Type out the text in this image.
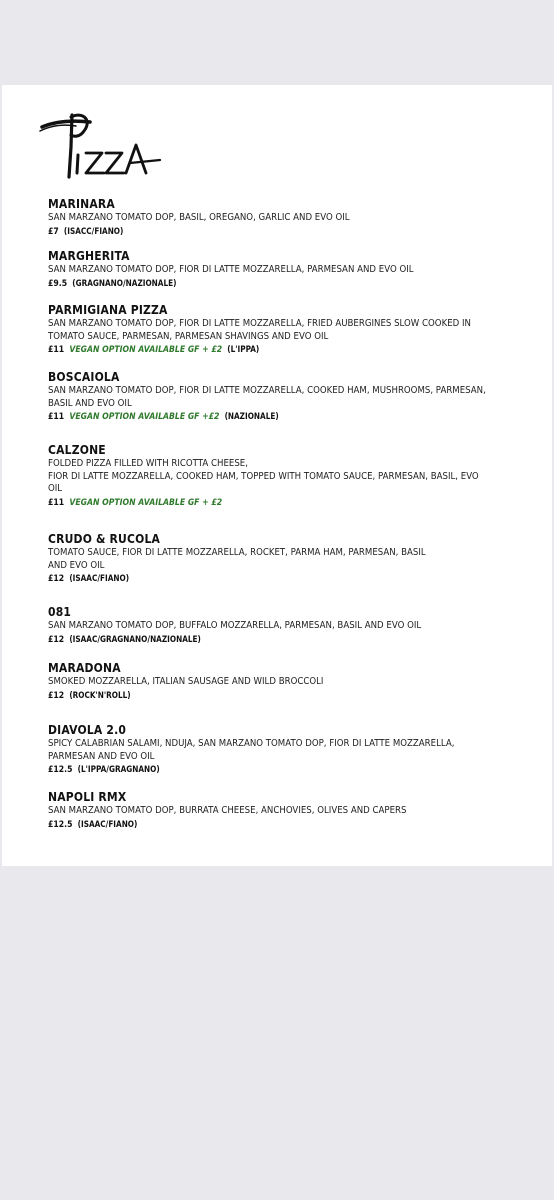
MARINARA
SAN MARZANO TOMATO DOP, BASIL, OREGANO, GARLIC AND EVO OIL
£7 (ISACC/FIANO)
MARGHERITA
SAN MARZANO TOMATO DOP, FIOR DI LATTE MOZZARELLA, PARMESAN AND EVO OIL
£9.5 (GRAGNANO/NAZIONALE)
PARMIGIANA PIZZA
SAN MARZANO TOMATO DOP, FIOR DI LATTE MOZZARELLA, FRIED AUBERGINES SLOW COOKED IN
TOMATO SAUCE, PARMESAN, PARMESAN SHAVINGS AND EVO OIL
£11 VEGAN OPTION AVAILABLE GF + £2 (L'IPPA)
BOSCAIOLA
SAN MARZANO TOMATO DOP, FIOR DI LATTE MOZZARELLA, COOKED HAM, MUSHROOMS, PARMESAN,
BASIL AND EVO OIL
£11 VEGAN OPTION AVAILABLE GF +£2 (NAZIONALE)
CALZONE
FOLDED PIZZA FILLED WITH RICOTTA CHEESE,
FIOR DI LATTE MOZZARELLA, COOKED HAM, TOPPED WITH TOMATO SAUCE, PARMESAN, BASIL, EVO
OIL
£11 VEGAN OPTION AVAILABLE GF + £2
CRUDO & RUCOLA
TOMATO SAUCE, FIOR DI LATTE MOZZARELLA, ROCKET, PARMA HAM, PARMESAN, BASIL
AND EVO OIL
£12 (ISAAC/FIANO)
081
SAN MARZANO TOMATO DOP, BUFFALO MOZZARELLA, PARMESAN, BASIL AND EVO OIL
£12 (ISAAC/GRAGNANO/NAZIONALE)
MARADONA
SMOKED MOZZARELLA, ITALIAN SAUSAGE AND WILD BROCCOLI
£12 (ROCK'N'ROLL)
DIAVOLA 2.0
SPICY CALABRIAN SALAMI, NDUJA, SAN MARZANO TOMATO DOP, FIOR DI LATTE MOZZARELLA,
PARMESAN AND EVO OIL
£12.5 (L'IPPA/GRAGNANO)
NAPOLI RMX
SAN MARZANO TOMATO DOP, BURRATA CHEESE, ANCHOVIES, OLIVES AND CAPERS
£12.5 (ISAAC/FIANO)
